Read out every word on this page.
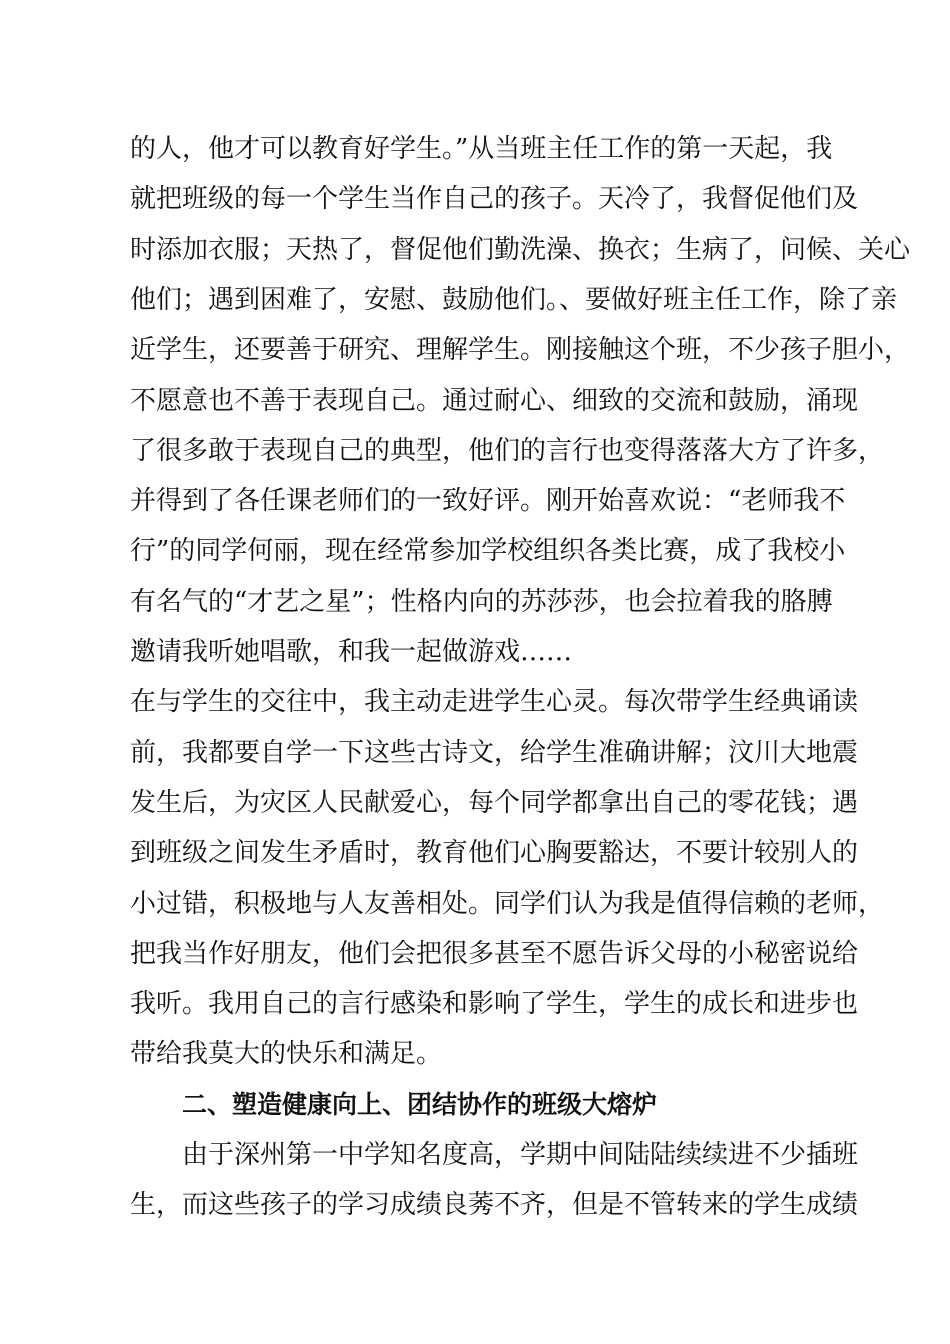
的人，他才可以教育好学生。”从当班主任工作的第一天起，我
就把班级的每一个学生当作自己的孩子。天冷了，我督促他们及
时添加衣服；天热了，督促他们勤洗澡、换衣；生病了，问候、关心
他们；遇到困难了，安慰、鼓励他们。、要做好班主任工作，除了亲
近学生，还要善于研究、理解学生。刚接触这个班，不少孩子胆小，
不愿意也不善于表现自己。通过耐心、细致的交流和鼓励，涌现
了很多敢于表现自己的典型，他们的言行也变得落落大方了许多，
并得到了各任课老师们的一致好评。刚开始喜欢说：“老师我不
行”的同学何丽，现在经常参加学校组织各类比赛，成了我校小
有名气的“才艺之星”；性格内向的苏莎莎，也会拉着我的胳膊
邀请我听她唱歌，和我一起做游戏……
在与学生的交往中，我主动走进学生心灵。每次带学生经典诵读
前，我都要自学一下这些古诗文，给学生准确讲解；汶川大地震
发生后，为灾区人民献爱心，每个同学都拿出自己的零花钱；遇
到班级之间发生矛盾时，教育他们心胸要豁达，不要计较别人的
小过错，积极地与人友善相处。同学们认为我是值得信赖的老师，
把我当作好朋友，他们会把很多甚至不愿告诉父母的小秘密说给
我听。我用自己的言行感染和影响了学生，学生的成长和进步也
带给我莫大的快乐和满足。
二、塑造健康向上、团结协作的班级大熔炉
由于深州第一中学知名度高，学期中间陆陆续续进不少插班
生，而这些孩子的学习成绩良莠不齐，但是不管转来的学生成绩
